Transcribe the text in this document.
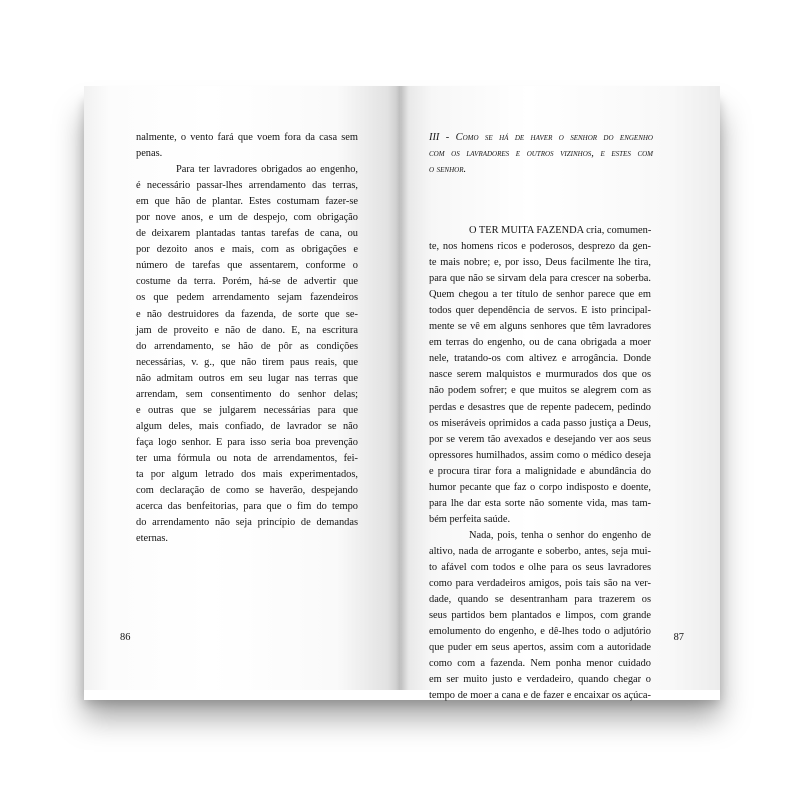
nalmente, o vento fará que voem fora da casa sem
penas.
Para ter lavradores obrigados ao engenho,
é necessário passar-lhes arrendamento das terras,
em que hão de plantar. Estes costumam fazer-se
por nove anos, e um de despejo, com obrigação
de deixarem plantadas tantas tarefas de cana, ou
por dezoito anos e mais, com as obrigações e
número de tarefas que assentarem, conforme o
costume da terra. Porém, há-se de advertir que
os que pedem arrendamento sejam fazendeiros
e não destruidores da fazenda, de sorte que se-
jam de proveito e não de dano. E, na escritura
do arrendamento, se hão de pôr as condições
necessárias, v. g., que não tirem paus reais, que
não admitam outros em seu lugar nas terras que
arrendam, sem consentimento do senhor delas;
e outras que se julgarem necessárias para que
algum deles, mais confiado, de lavrador se não
faça logo senhor. E para isso seria boa prevenção
ter uma fórmula ou nota de arrendamentos, fei-
ta por algum letrado dos mais experimentados,
com declaração de como se haverão, despejando
acerca das benfeitorias, para que o fim do tempo
do arrendamento não seja princípio de demandas
eternas.
86
III - Como se há de haver o senhor do engenho
com os lavradores e outros vizinhos, e estes com
o senhor.
O TER MUITA FAZENDA cria, comumen-
te, nos homens ricos e poderosos, desprezo da gen-
te mais nobre; e, por isso, Deus facilmente lhe tira,
para que não se sirvam dela para crescer na soberba.
Quem chegou a ter título de senhor parece que em
todos quer dependência de servos. E isto principal-
mente se vê em alguns senhores que têm lavradores
em terras do engenho, ou de cana obrigada a moer
nele, tratando-os com altivez e arrogância. Donde
nasce serem malquistos e murmurados dos que os
não podem sofrer; e que muitos se alegrem com as
perdas e desastres que de repente padecem, pedindo
os miseráveis oprimidos a cada passo justiça a Deus,
por se verem tão avexados e desejando ver aos seus
opressores humilhados, assim como o médico deseja
e procura tirar fora a malignidade e abundância do
humor pecante que faz o corpo indisposto e doente,
para lhe dar esta sorte não somente vida, mas tam-
bém perfeita saúde.
Nada, pois, tenha o senhor do engenho de
altivo, nada de arrogante e soberbo, antes, seja mui-
to afável com todos e olhe para os seus lavradores
como para verdadeiros amigos, pois tais são na ver-
dade, quando se desentranham para trazerem os
seus partidos bem plantados e limpos, com grande
emolumento do engenho, e dê-lhes todo o adjutório
que puder em seus apertos, assim com a autoridade
como com a fazenda. Nem ponha menor cuidado
em ser muito justo e verdadeiro, quando chegar o
tempo de moer a cana e de fazer e encaixar os açúca-
87
